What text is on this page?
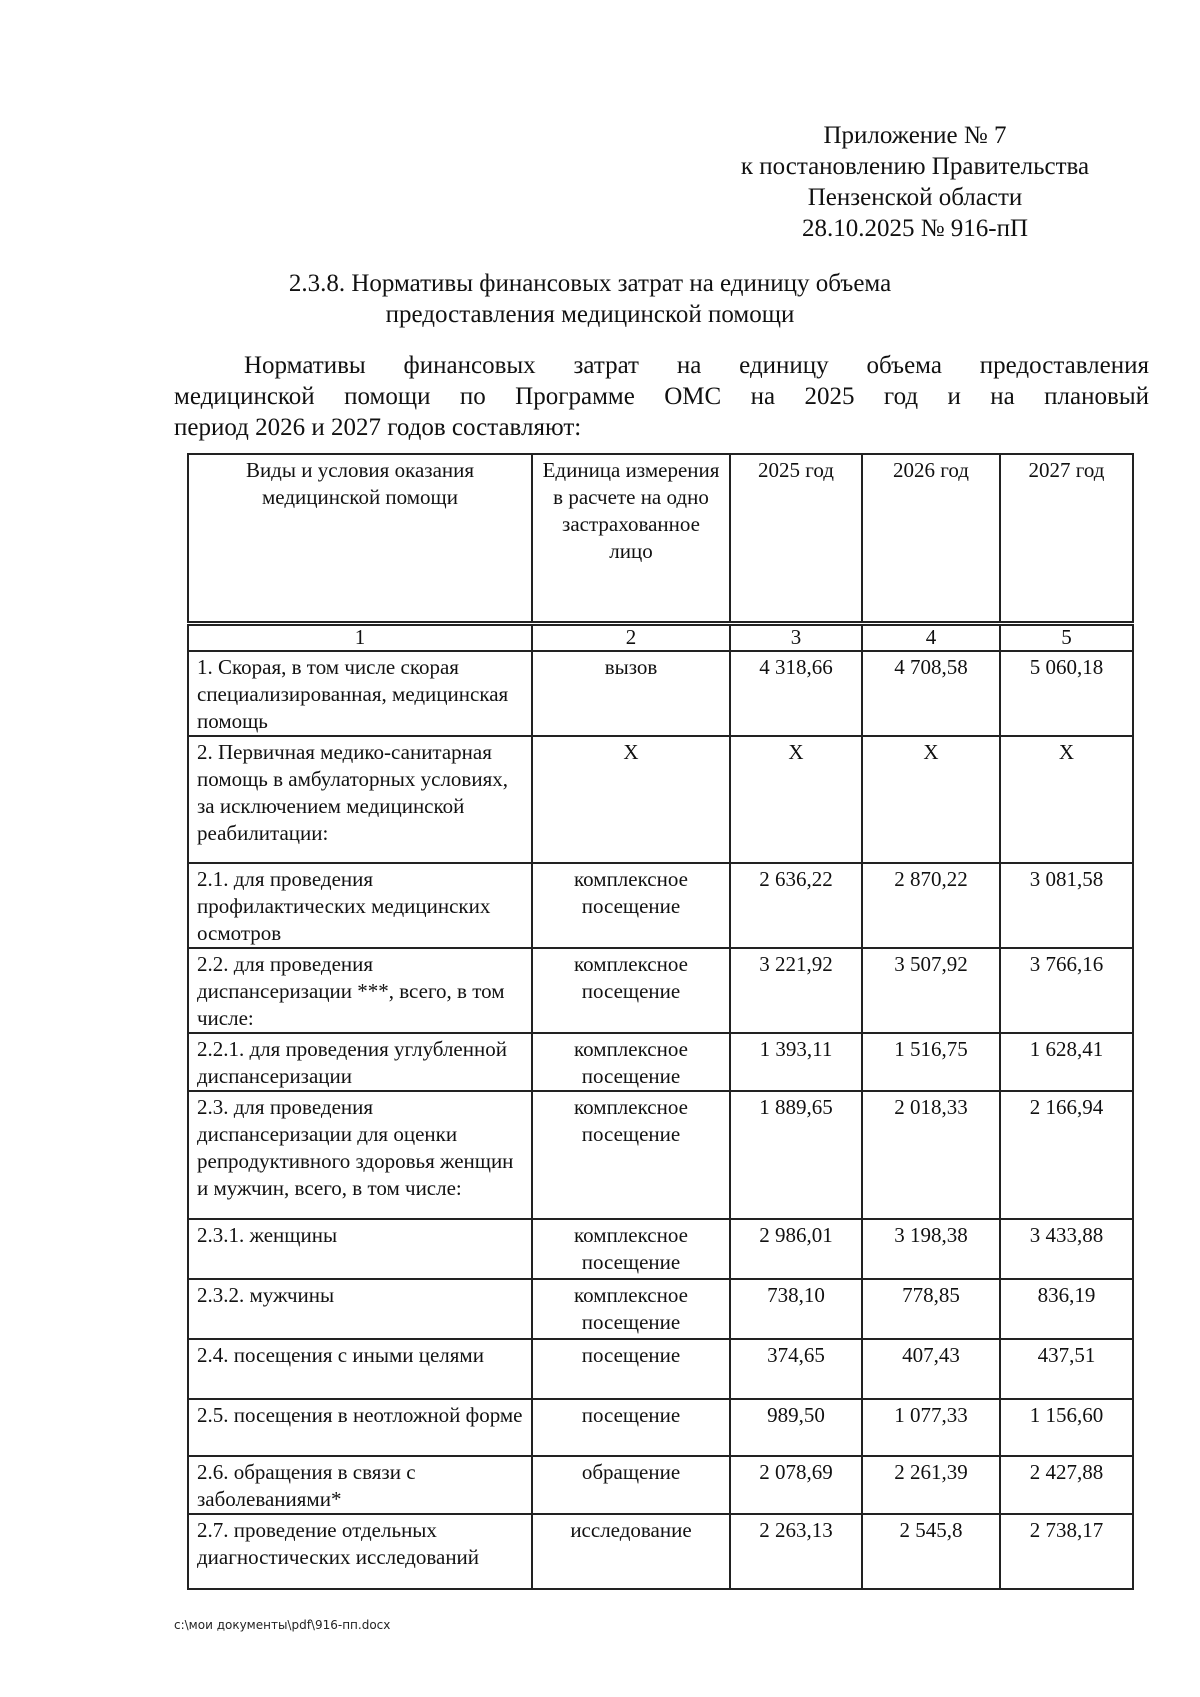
Приложение № 7
к постановлению Правительства
Пензенской области
28.10.2025 № 916-пП
2.3.8. Нормативы финансовых затрат на единицу объема
предоставления медицинской помощи
Нормативы финансовых затрат на единицу объема предоставления
медицинской помощи по Программе ОМС на 2025 год и на плановый
период 2026 и 2027 годов составляют:
Виды и условия оказания медицинской помощи	Единица измерения в расчете на одно застрахованное лицо	2025 год	2026 год	2027 год
1	2	3	4	5
1. Скорая, в том числе скорая специализированная, медицинская помощь	вызов	4 318,66	4 708,58	5 060,18
2. Первичная медико-санитарная помощь в амбулаторных условиях, за исключением медицинской реабилитации:	Х	Х	Х	Х
2.1. для проведения профилактических медицинских осмотров	комплексное посещение	2 636,22	2 870,22	3 081,58
2.2. для проведения диспансеризации ***, всего, в том числе:	комплексное посещение	3 221,92	3 507,92	3 766,16
2.2.1. для проведения углубленной диспансеризации	комплексное посещение	1 393,11	1 516,75	1 628,41
2.3. для проведения диспансеризации для оценки репродуктивного здоровья женщин и мужчин, всего, в том числе:	комплексное посещение	1 889,65	2 018,33	2 166,94
2.3.1. женщины	комплексное посещение	2 986,01	3 198,38	3 433,88
2.3.2. мужчины	комплексное посещение	738,10	778,85	836,19
2.4. посещения с иными целями	посещение	374,65	407,43	437,51
2.5. посещения в неотложной форме	посещение	989,50	1 077,33	1 156,60
2.6. обращения в связи с заболеваниями*	обращение	2 078,69	2 261,39	2 427,88
2.7. проведение отдельных диагностических исследований	исследование	2 263,13	2 545,8	2 738,17
c:\мои документы\pdf\916-пп.docx
